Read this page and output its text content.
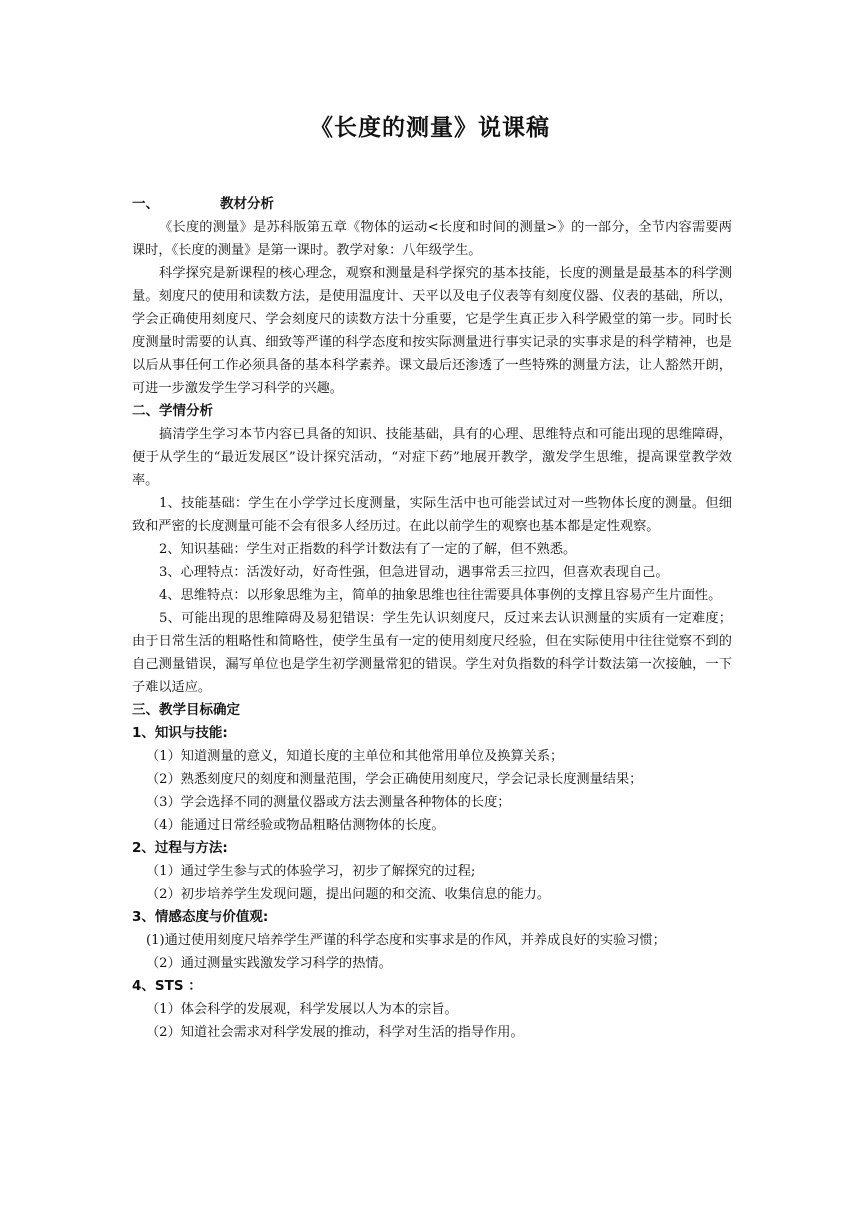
《长度的测量》说课稿
一、	教材分析
《长度的测量》是苏科版第五章《物体的运动<长度和时间的测量>》的一部分，全节内容需要两课时，《长度的测量》是第一课时。教学对象：八年级学生。
科学探究是新课程的核心理念，观察和测量是科学探究的基本技能，长度的测量是最基本的科学测量。刻度尺的使用和读数方法，是使用温度计、天平以及电子仪表等有刻度仪器、仪表的基础，所以，学会正确使用刻度尺、学会刻度尺的读数方法十分重要，它是学生真正步入科学殿堂的第一步。同时长度测量时需要的认真、细致等严谨的科学态度和按实际测量进行事实记录的实事求是的科学精神，也是以后从事任何工作必须具备的基本科学素养。课文最后还渗透了一些特殊的测量方法，让人豁然开朗，可进一步激发学生学习科学的兴趣。
二、学情分析
搞清学生学习本节内容已具备的知识、技能基础，具有的心理、思维特点和可能出现的思维障碍，便于从学生的“最近发展区”设计探究活动，“对症下药”地展开教学，激发学生思维，提高课堂教学效率。
1、技能基础：学生在小学学过长度测量，实际生活中也可能尝试过对一些物体长度的测量。但细致和严密的长度测量可能不会有很多人经历过。在此以前学生的观察也基本都是定性观察。
2、知识基础：学生对正指数的科学计数法有了一定的了解，但不熟悉。
3、心理特点：活泼好动，好奇性强，但急进冒动，遇事常丢三拉四，但喜欢表现自己。
4、思维特点：以形象思维为主，简单的抽象思维也往往需要具体事例的支撑且容易产生片面性。
5、可能出现的思维障碍及易犯错误：学生先认识刻度尺，反过来去认识测量的实质有一定难度；由于日常生活的粗略性和简略性，使学生虽有一定的使用刻度尺经验，但在实际使用中往往觉察不到的自己测量错误，漏写单位也是学生初学测量常犯的错误。学生对负指数的科学计数法第一次接触，一下子难以适应。
三、教学目标确定
1、知识与技能:
（1）知道测量的意义，知道长度的主单位和其他常用单位及换算关系；
（2）熟悉刻度尺的刻度和测量范围，学会正确使用刻度尺，学会记录长度测量结果；
（3）学会选择不同的测量仪器或方法去测量各种物体的长度；
（4）能通过日常经验或物品粗略估测物体的长度。
2、过程与方法:
（1）通过学生参与式的体验学习，初步了解探究的过程;
（2）初步培养学生发现问题，提出问题的和交流、收集信息的能力。
3、情感态度与价值观:
(1)通过使用刻度尺培养学生严谨的科学态度和实事求是的作风，并养成良好的实验习惯；
（2）通过测量实践激发学习科学的热情。
4、STS ：
（1）体会科学的发展观，科学发展以人为本的宗旨。
（2）知道社会需求对科学发展的推动，科学对生活的指导作用。
